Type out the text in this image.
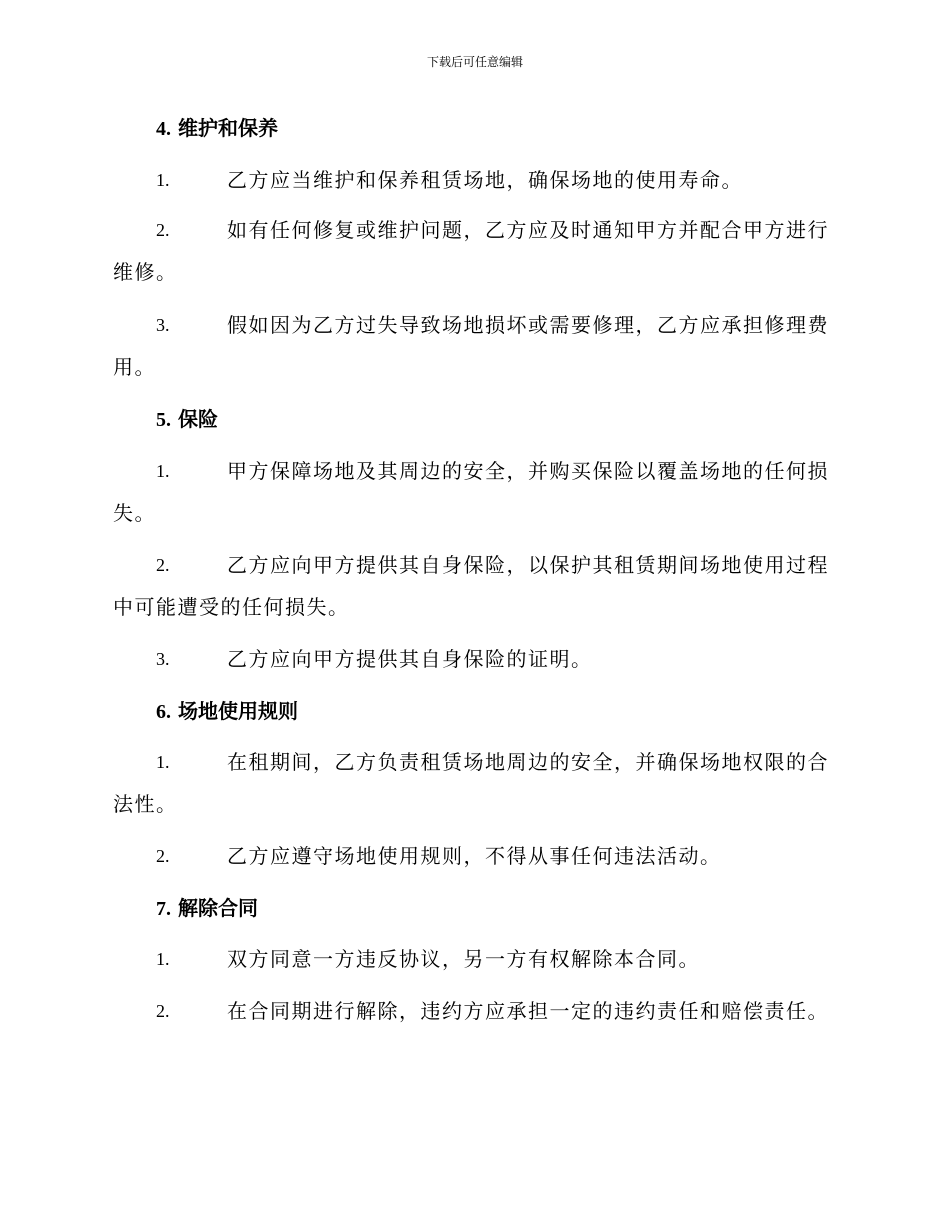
下载后可任意编辑
4. 维护和保养
1.	乙方应当维护和保养租赁场地，确保场地的使用寿命。
2.	如有任何修复或维护问题，乙方应及时通知甲方并配合甲方进行
维修。
3.	假如因为乙方过失导致场地损坏或需要修理，乙方应承担修理费
用。
5. 保险
1.	甲方保障场地及其周边的安全，并购买保险以覆盖场地的任何损
失。
2.	乙方应向甲方提供其自身保险，以保护其租赁期间场地使用过程
中可能遭受的任何损失。
3.	乙方应向甲方提供其自身保险的证明。
6. 场地使用规则
1.	在租期间，乙方负责租赁场地周边的安全，并确保场地权限的合
法性。
2.	乙方应遵守场地使用规则，不得从事任何违法活动。
7. 解除合同
1.	双方同意一方违反协议，另一方有权解除本合同。
2.	在合同期进行解除，违约方应承担一定的违约责任和赔偿责任。
